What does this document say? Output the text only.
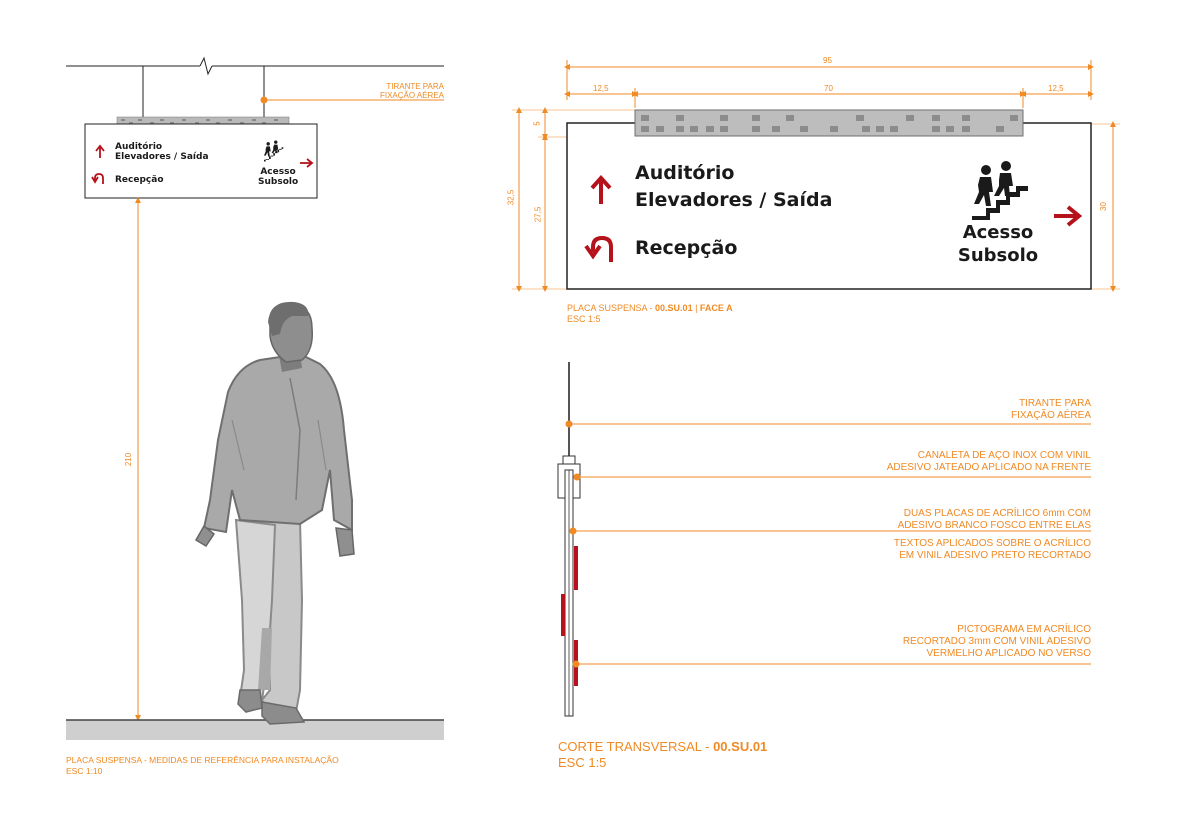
TIRANTE PARA
FIXAÇÃO AÉREA
Auditório
Elevadores / Saída
Recepção
Acesso
Subsolo
210
PLACA SUSPENSA - MEDIDAS DE REFERÊNCIA PARA INSTALAÇÃO
ESC 1:10
95
12,5	70	12,5
5
32,5
27,5
30
Auditório
Elevadores / Saída
Recepção
Acesso
Subsolo
PLACA SUSPENSA - 00.SU.01 | FACE A
ESC 1:5
TIRANTE PARA
FIXAÇÃO AÉREA
CANALETA DE AÇO INOX COM VINIL
ADESIVO JATEADO APLICADO NA FRENTE
DUAS PLACAS DE ACRÍLICO 6mm COM
ADESIVO BRANCO FOSCO ENTRE ELAS
TEXTOS APLICADOS SOBRE O ACRÍLICO
EM VINIL ADESIVO PRETO RECORTADO
PICTOGRAMA EM ACRÍLICO
RECORTADO 3mm COM VINIL ADESIVO
VERMELHO APLICADO NO VERSO
CORTE TRANSVERSAL - 00.SU.01
ESC 1:5
